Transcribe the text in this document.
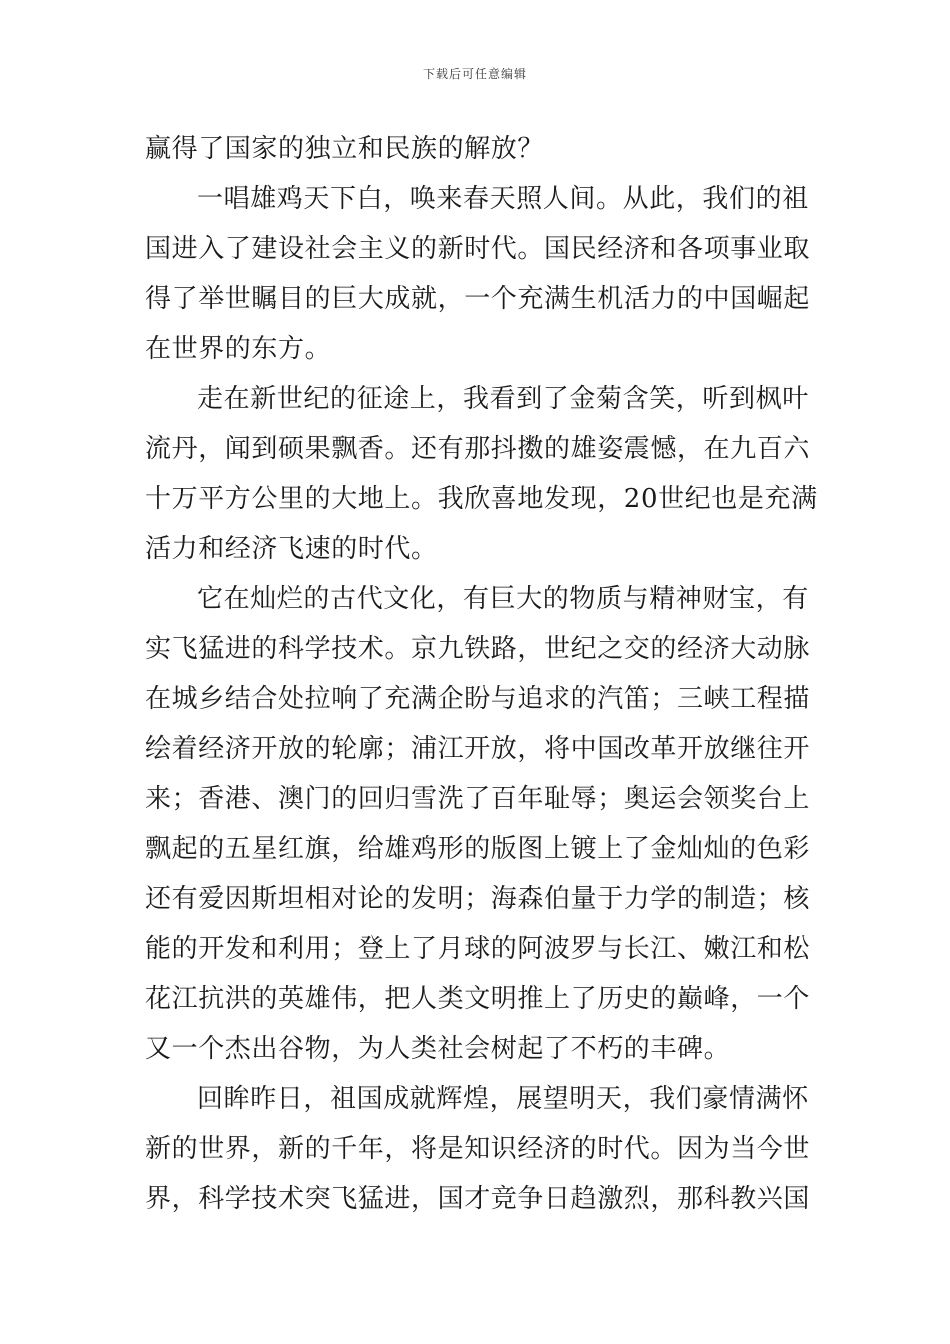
下载后可任意编辑
赢得了国家的独立和民族的解放？
一唱雄鸡天下白，唤来春天照人间。从此，我们的祖
国进入了建设社会主义的新时代。国民经济和各项事业取
得了举世瞩目的巨大成就，一个充满生机活力的中国崛起
在世界的东方。
走在新世纪的征途上，我看到了金菊含笑，听到枫叶
流丹，闻到硕果飘香。还有那抖擞的雄姿震憾，在九百六
十万平方公里的大地上。我欣喜地发现，20世纪也是充满
活力和经济飞速的时代。
它在灿烂的古代文化，有巨大的物质与精神财宝，有
实飞猛进的科学技术。京九铁路，世纪之交的经济大动脉
在城乡结合处拉响了充满企盼与追求的汽笛；三峡工程描
绘着经济开放的轮廓；浦江开放，将中国改革开放继往开
来；香港、澳门的回归雪洗了百年耻辱；奥运会领奖台上
飘起的五星红旗，给雄鸡形的版图上镀上了金灿灿的色彩
还有爱因斯坦相对论的发明；海森伯量于力学的制造；核
能的开发和利用；登上了月球的阿波罗与长江、嫩江和松
花江抗洪的英雄伟，把人类文明推上了历史的巅峰，一个
又一个杰出谷物，为人类社会树起了不朽的丰碑。
回眸昨日，祖国成就辉煌，展望明天，我们豪情满怀
新的世界，新的千年，将是知识经济的时代。因为当今世
界，科学技术突飞猛进，国才竞争日趋激烈，那科教兴国
